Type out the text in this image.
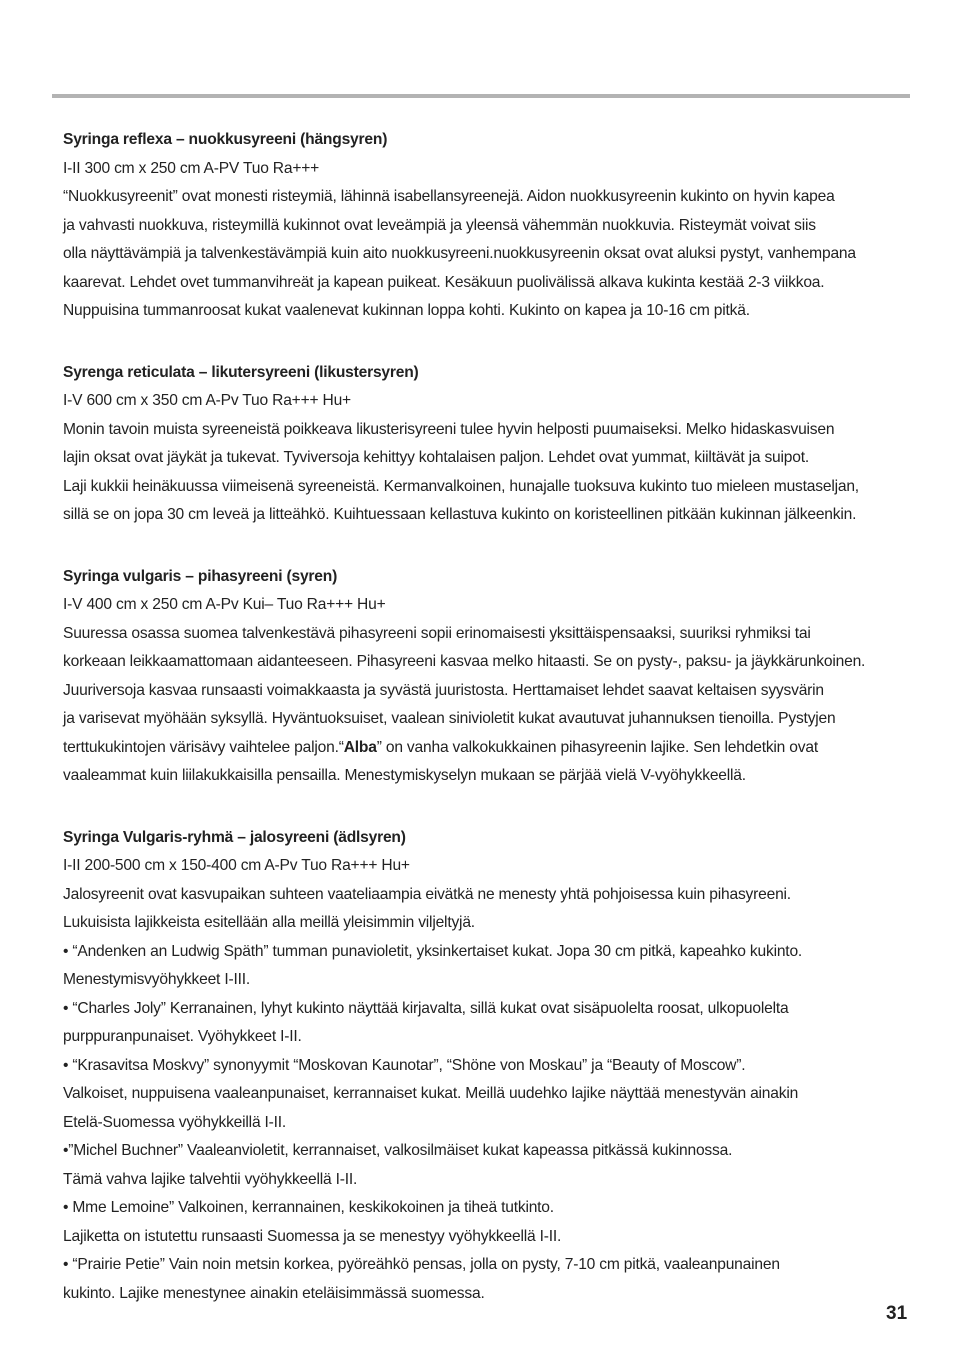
Syringa reflexa – nuokkusyreeni (hängsyren)

I-II 300 cm x 250 cm A-PV Tuo Ra+++

“Nuokkusyreenit” ovat monesti risteymiä, lähinnä isabellansyreenejä. Aidon nuokkusyreenin kukinto on hyvin kapea

ja vahvasti nuokkuva, risteymillä kukinnot ovat leveämpiä ja yleensä vähemmän nuokkuvia. Risteymät voivat siis

olla näyttävämpiä ja talvenkestävämpiä kuin aito nuokkusyreeni.nuokkusyreenin oksat ovat aluksi pystyt, vanhempana

kaarevat. Lehdet ovet tummanvihreät ja kapean puikeat. Kesäkuun puolivälissä alkava kukinta kestää 2-3 viikkoa.

Nuppuisina tummanroosat kukat vaalenevat kukinnan loppa kohti. Kukinto on kapea ja 10-16 cm pitkä.

Syrenga reticulata – likutersyreeni (likustersyren)

I-V 600 cm x 350 cm A-Pv Tuo Ra+++ Hu+

Monin tavoin muista syreeneistä poikkeava likusterisyreeni tulee hyvin helposti puumaiseksi. Melko hidaskasvuisen

lajin oksat ovat jäykät ja tukevat. Tyviversoja kehittyy kohtalaisen paljon. Lehdet ovat yummat, kiiltävät ja suipot.

Laji kukkii heinäkuussa viimeisenä syreeneistä. Kermanvalkoinen, hunajalle tuoksuva kukinto tuo mieleen mustaseljan,

sillä se on jopa 30 cm leveä ja litteähkö. Kuihtuessaan kellastuva kukinto on koristeellinen pitkään kukinnan jälkeenkin.

Syringa vulgaris – pihasyreeni (syren)

I-V 400 cm x 250 cm A-Pv Kui– Tuo Ra+++ Hu+

Suuressa osassa suomea talvenkestävä pihasyreeni sopii erinomaisesti yksittäispensaaksi, suuriksi ryhmiksi tai

korkeaan leikkaamattomaan aidanteeseen. Pihasyreeni kasvaa melko hitaasti. Se on pysty-, paksu- ja jäykkärunkoinen.

Juuriversoja kasvaa runsaasti voimakkaasta ja syvästä juuristosta. Herttamaiset lehdet saavat keltaisen syysvärin

ja varisevat myöhään syksyllä. Hyväntuoksuiset, vaalean sinivioletit kukat avautuvat juhannuksen tienoilla. Pystyjen

terttukukintojen värisävy vaihtelee paljon.“Alba” on vanha valkokukkainen pihasyreenin lajike. Sen lehdetkin ovat

vaaleammat kuin liilakukkaisilla pensailla. Menestymiskyselyn mukaan se pärjää vielä V-vyöhykkeellä.

Syringa Vulgaris-ryhmä – jalosyreeni (ädlsyren)

I-II 200-500 cm x 150-400 cm A-Pv Tuo Ra+++ Hu+

Jalosyreenit ovat kasvupaikan suhteen vaateliaampia eivätkä ne menesty yhtä pohjoisessa kuin pihasyreeni.

Lukuisista lajikkeista esitellään alla meillä yleisimmin viljeltyjä.

• “Andenken an Ludwig Späth” tumman punavioletit, yksinkertaiset kukat. Jopa 30 cm pitkä, kapeahko kukinto.

Menestymisvyöhykkeet I-III.

• “Charles Joly” Kerranainen, lyhyt kukinto näyttää kirjavalta, sillä kukat ovat sisäpuolelta roosat, ulkopuolelta

purppuranpunaiset. Vyöhykkeet I-II.

• “Krasavitsa Moskvy” synonyymit “Moskovan Kaunotar”, “Shöne von Moskau” ja “Beauty of Moscow”.

Valkoiset, nuppuisena vaaleanpunaiset, kerrannaiset kukat. Meillä uudehko lajike näyttää menestyvän ainakin

Etelä-Suomessa vyöhykkeillä I-II.

•”Michel Buchner” Vaaleanvioletit, kerrannaiset, valkosilmäiset kukat kapeassa pitkässä kukinnossa.

Tämä vahva lajike talvehtii vyöhykkeellä I-II.

• Mme Lemoine” Valkoinen, kerrannainen, keskikokoinen ja tiheä tutkinto.

Lajiketta on istutettu runsaasti Suomessa ja se menestyy vyöhykkeellä I-II.

• “Prairie Petie” Vain noin metsin korkea, pyöreähkö pensas, jolla on pysty, 7-10 cm pitkä, vaaleanpunainen

kukinto. Lajike menestynee ainakin eteläisimmässä suomessa.

31
